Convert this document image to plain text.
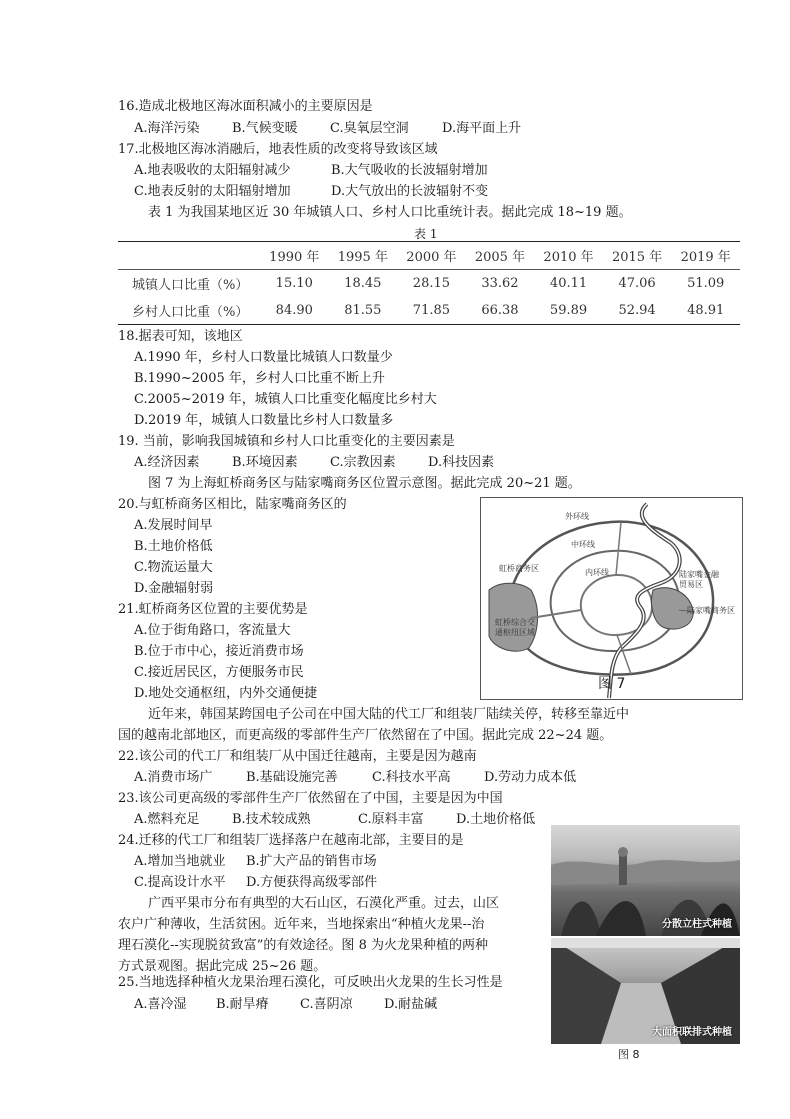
16.造成北极地区海冰面积减小的主要原因是
A.海洋污染 B.气候变暖 C.臭氧层空洞	D.海平面上升
17.北极地区海冰消融后，地表性质的改变将导致该区域
A.地表吸收的太阳辐射减少	B.大气吸收的长波辐射增加
C.地表反射的太阳辐射增加	D.大气放出的长波辐射不变
表 1 为我国某地区近 30 年城镇人口、乡村人口比重统计表。据此完成 18~19 题。
表 1
	1990 年	1995 年	2000 年	2005 年	2010 年	2015 年	2019 年
城镇人口比重（%）	15.10	18.45	28.15	33.62	40.11	47.06	51.09
乡村人口比重（%）	84.90	81.55	71.85	66.38	59.89	52.94	48.91
18.据表可知，该地区
A.1990 年，乡村人口数量比城镇人口数量少
B.1990~2005 年，乡村人口比重不断上升
C.2005~2019 年，城镇人口比重变化幅度比乡村大
D.2019 年，城镇人口数量比乡村人口数量多
19. 当前，影响我国城镇和乡村人口比重变化的主要因素是
A.经济因素 B.环境因素 C.宗教因素 D.科技因素
图 7 为上海虹桥商务区与陆家嘴商务区位置示意图。据此完成 20~21 题。
20.与虹桥商务区相比，陆家嘴商务区的
A.发展时间早
B.土地价格低
C.物流运量大
D.金融辐射弱
21.虹桥商务区位置的主要优势是
A.位于街角路口，客流量大
B.位于市中心，接近消费市场
C.接近居民区，方便服务市民
D.地处交通枢纽，内外交通便捷
外环线
中环线
内环线
虹桥商务区
虹桥综合交通枢纽区域
陆家嘴金融贸易区
陆家嘴商务区
图 7
近年来，韩国某跨国电子公司在中国大陆的代工厂和组装厂陆续关停，转移至靠近中
国的越南北部地区，而更高级的零部件生产厂依然留在了中国。据此完成 22~24 题。
22.该公司的代工厂和组装厂从中国迁往越南，主要是因为越南
A.消费市场广	B.基础设施完善	C.科技水平高	D.劳动力成本低
23.该公司更高级的零部件生产厂依然留在了中国，主要是因为中国
A.燃料充足 B.技术较成熟	C.原料丰富 D.土地价格低
24.迁移的代工厂和组装厂选择落户在越南北部，主要目的是
A.增加当地就业 B.扩大产品的销售市场
C.提高设计水平 D.方便获得高级零部件
广西平果市分布有典型的大石山区，石漠化严重。过去，山区
农户广种薄收，生活贫困。近年来，当地探索出“种植火龙果--治
理石漠化--实现脱贫致富”的有效途径。图 8 为火龙果种植的两种
方式景观图。据此完成 25~26 题。
25.当地选择种植火龙果治理石漠化，可反映出火龙果的生长习性是
A.喜冷湿 B.耐旱瘠 C.喜阴凉 D.耐盐碱
分散立柱式种植
大面积联排式种植
图 8
